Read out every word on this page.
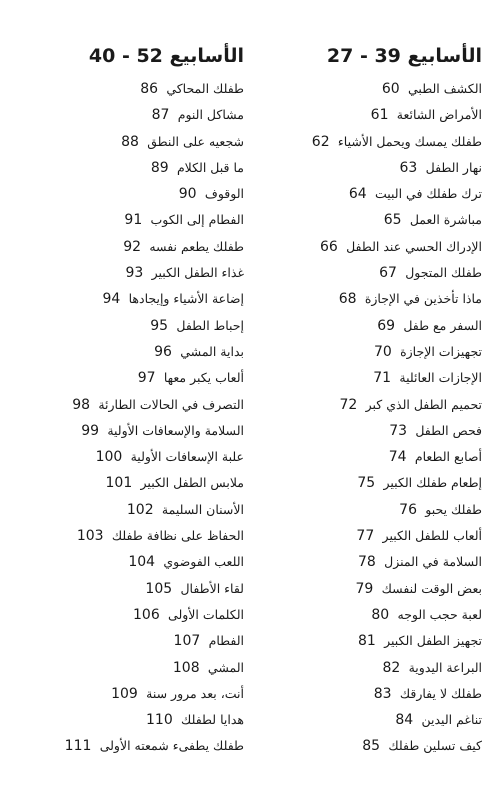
الأسابيع 27 - 39
الكشف الطبي 60
الأمراض الشائعة 61
طفلك يمسك ويحمل الأشياء 62
نهار الطفل 63
ترك طفلك في البيت 64
مباشرة العمل 65
الإدراك الحسي عند الطفل 66
طفلك المتجول 67
ماذا تأخذين في الإجازة 68
السفر مع طفل 69
تجهيزات الإجازة 70
الإجازات العائلية 71
تحميم الطفل الذي كبر 72
فحص الطفل 73
أصابع الطعام 74
إطعام طفلك الكبير 75
طفلك يحبو 76
ألعاب للطفل الكبير 77
السلامة في المنزل 78
بعض الوقت لنفسك 79
لعبة حجب الوجه 80
تجهيز الطفل الكبير 81
البراعة اليدوية 82
طفلك لا يفارقك 83
تناغم اليدين 84
كيف تسلين طفلك 85
الأسابيع 40 - 52
طفلك المحاكي 86
مشاكل النوم 87
شجعيه على النطق 88
ما قبل الكلام 89
الوقوف 90
الفطام إلى الكوب 91
طفلك يطعم نفسه 92
غذاء الطفل الكبير 93
إضاعة الأشياء وإيجادها 94
إحباط الطفل 95
بداية المشي 96
ألعاب يكبر معها 97
التصرف في الحالات الطارئة 98
السلامة والإسعافات الأولية 99
علبة الإسعافات الأولية 100
ملابس الطفل الكبير 101
الأسنان السليمة 102
الحفاظ على نظافة طفلك 103
اللعب الفوضوي 104
لقاء الأطفال 105
الكلمات الأولى 106
الفطام 107
المشي 108
أنت، بعد مرور سنة 109
هدايا لطفلك 110
طفلك يطفىء شمعته الأولى 111
